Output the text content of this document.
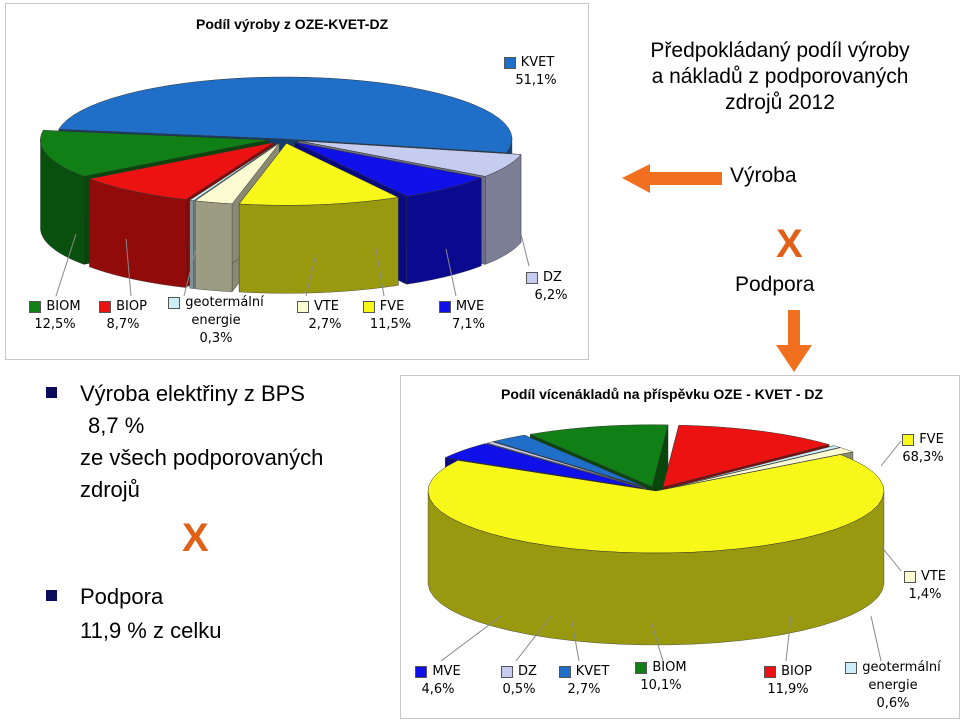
Podíl výroby z OZE-KVET-DZ
KVET
51,1%
DZ
6,2%
BIOM
12,5%
BIOP
8,7%
geotermální
energie
0,3%
VTE
2,7%
FVE
11,5%
MVE
7,1%
Předpokládaný podíl výroby
a nákladů z podporovaných
zdrojů 2012
Výroba
X
Podpora
Výroba elektřiny z BPS
8,7 %
ze všech podporovaných
zdrojů
X
Podpora
11,9 % z celku
Podíl vícenákladů na příspěvku OZE - KVET - DZ
FVE
68,3%
VTE
1,4%
MVE
4,6%
DZ
0,5%
KVET
2,7%
BIOM
10,1%
BIOP
11,9%
geotermální
energie
0,6%
